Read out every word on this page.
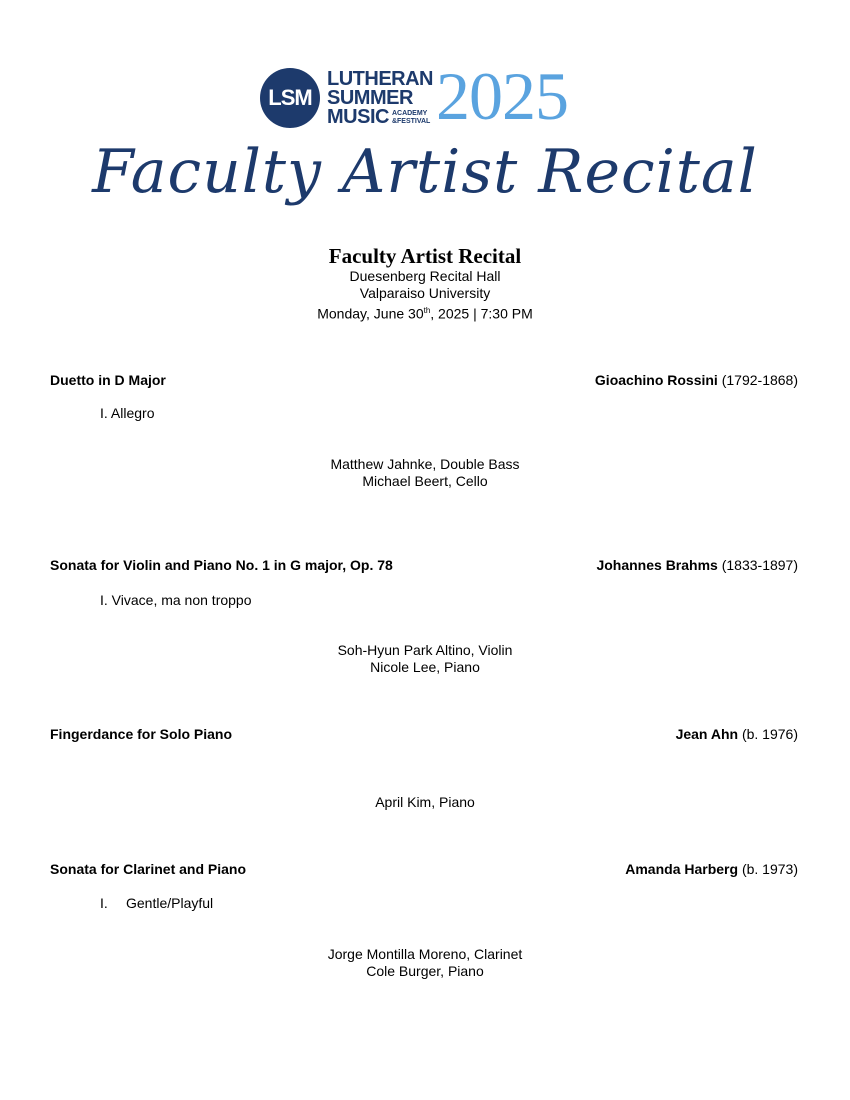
LSM
LUTHERAN
SUMMER
MUSIC ACADEMY
&FESTIVAL 2025
Faculty Artist Recital

Faculty Artist Recital

Duesenberg Recital Hall
Valparaiso University
Monday, June 30th, 2025 | 7:30 PM
Duetto in D Major	Gioachino Rossini (1792-1868)
I. Allegro
Matthew Jahnke, Double Bass
Michael Beert, Cello
Sonata for Violin and Piano No. 1 in G major, Op. 78	Johannes Brahms (1833-1897)
I. Vivace, ma non troppo
Soh-Hyun Park Altino, Violin
Nicole Lee, Piano
Fingerdance for Solo Piano	Jean Ahn (b. 1976)
April Kim, Piano
Sonata for Clarinet and Piano	Amanda Harberg (b. 1973)
I. Gentle/Playful
Jorge Montilla Moreno, Clarinet
Cole Burger, Piano
